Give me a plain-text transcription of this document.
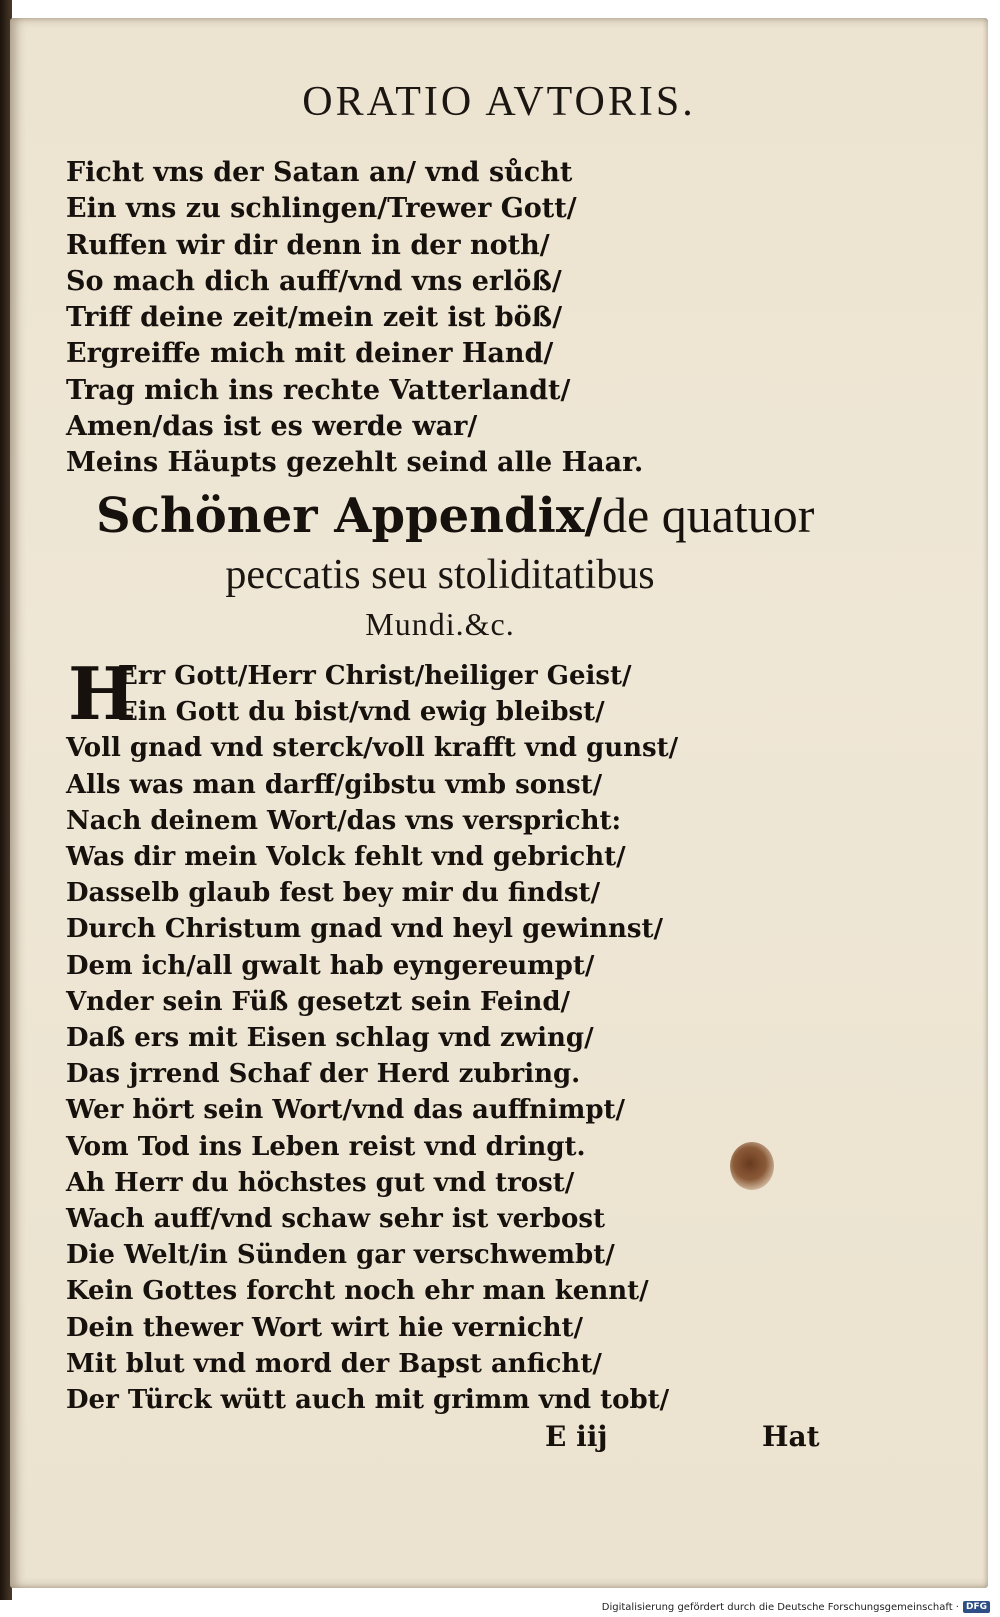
ORATIO AVTORIS.
Ficht vns der Satan an/ vnd sůcht
Ein vns zu schlingen/Trewer Gott/
Ruffen wir dir denn in der noth/
So mach dich auff/vnd vns erlöß/
Triff deine zeit/mein zeit ist böß/
Ergreiffe mich mit deiner Hand/
Trag mich ins rechte Vatterlandt/
Amen/das ist es werde war/
Meins Häupts gezehlt seind alle Haar.
Schöner Appendix/de quatuor
peccatis seu stoliditatibus
Mundi.&c.
H
Err Gott/Herr Christ/heiliger Geist/
Ein Gott du bist/vnd ewig bleibst/
Voll gnad vnd sterck/voll krafft vnd gunst/
Alls was man darff/gibstu vmb sonst/
Nach deinem Wort/das vns verspricht:
Was dir mein Volck fehlt vnd gebricht/
Dasselb glaub fest bey mir du findst/
Durch Christum gnad vnd heyl gewinnst/
Dem ich/all gwalt hab eyngereumpt/
Vnder sein Füß gesetzt sein Feind/
Daß ers mit Eisen schlag vnd zwing/
Das jrrend Schaf der Herd zubring.
Wer hört sein Wort/vnd das auffnimpt/
Vom Tod ins Leben reist vnd dringt.
Ah Herr du höchstes gut vnd trost/
Wach auff/vnd schaw sehr ist verbost
Die Welt/in Sünden gar verschwembt/
Kein Gottes forcht noch ehr man kennt/
Dein thewer Wort wirt hie vernicht/
Mit blut vnd mord der Bapst anficht/
Der Türck wütt auch mit grimm vnd tobt/
E iij	Hat
Digitalisierung gefördert durch die Deutsche Forschungsgemeinschaft · DFG
